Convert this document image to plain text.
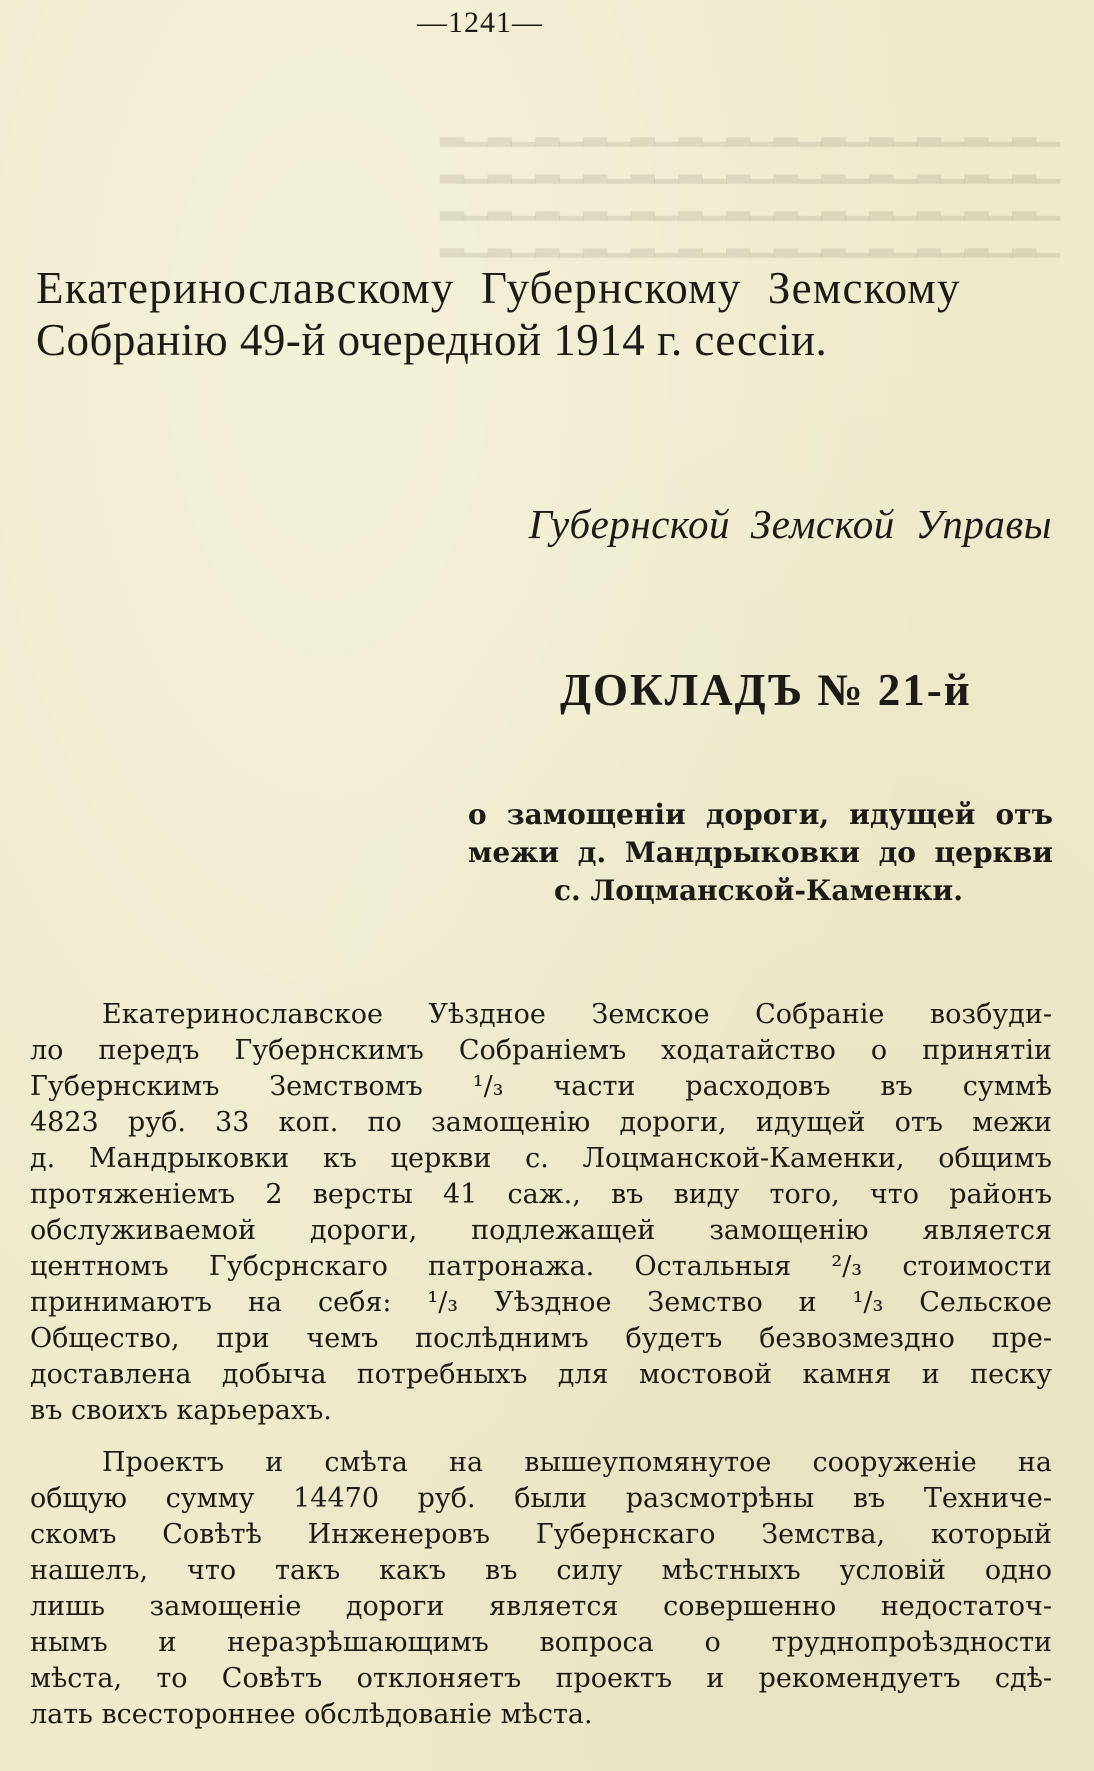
▁▂▁▂▁▂▁▂▁▂▁▂▁▂▁▂▁▂▁▂▁▂▁▂▁▂
▁▂▁▂▁▂▁▂▁▂▁▂▁▂▁▂▁▂▁▂▁▂▁▂▁▂
▁▂▁▂▁▂▁▂▁▂▁▂▁▂▁▂▁▂▁▂▁▂▁▂▁▂
▁▂▁▂▁▂▁▂▁▂▁▂▁▂▁▂▁▂▁▂▁▂▁▂▁▂
—1241—
Екатеринославскому Губернскому Земскому
Собранію 49-й очередной 1914 г. сессіи.
Губернской Земской Управы
ДОКЛАДЪ № 21-й
о замощеніи дороги, идущей отъ
межи д. Мандрыковки до церкви
с. Лоцманской-Каменки.
Екатеринославское Уѣздное Земское Собраніе возбуди-
ло передъ Губернскимъ Собраніемъ ходатайство о принятіи
Губернскимъ Земствомъ ¹/₃ части расходовъ въ суммѣ
4823 руб. 33 коп. по замощенію дороги, идущей отъ межи
д. Мандрыковки къ церкви с. Лоцманской-Каменки, общимъ
протяженіемъ 2 версты 41 саж., въ виду того, что районъ
обслуживаемой дороги, подлежащей замощенію является
центномъ Губсрнскаго патронажа. Остальныя ²/₃ стоимости
принимаютъ на себя: ¹/₃ Уѣздное Земство и ¹/₃ Сельское
Общество, при чемъ послѣднимъ будетъ безвозмездно пре-
доставлена добыча потребныхъ для мостовой камня и песку
въ своихъ карьерахъ.
Проектъ и смѣта на вышеупомянутое сооруженіе на
общую сумму 14470 руб. были разсмотрѣны въ Техниче-
скомъ Совѣтѣ Инженеровъ Губернскаго Земства, который
нашелъ, что такъ какъ въ силу мѣстныхъ условій одно
лишь замощеніе дороги является совершенно недостаточ-
нымъ и неразрѣшающимъ вопроса о труднопроѣздности
мѣста, то Совѣтъ отклоняетъ проектъ и рекомендуетъ сдѣ-
лать всестороннее обслѣдованіе мѣста.
